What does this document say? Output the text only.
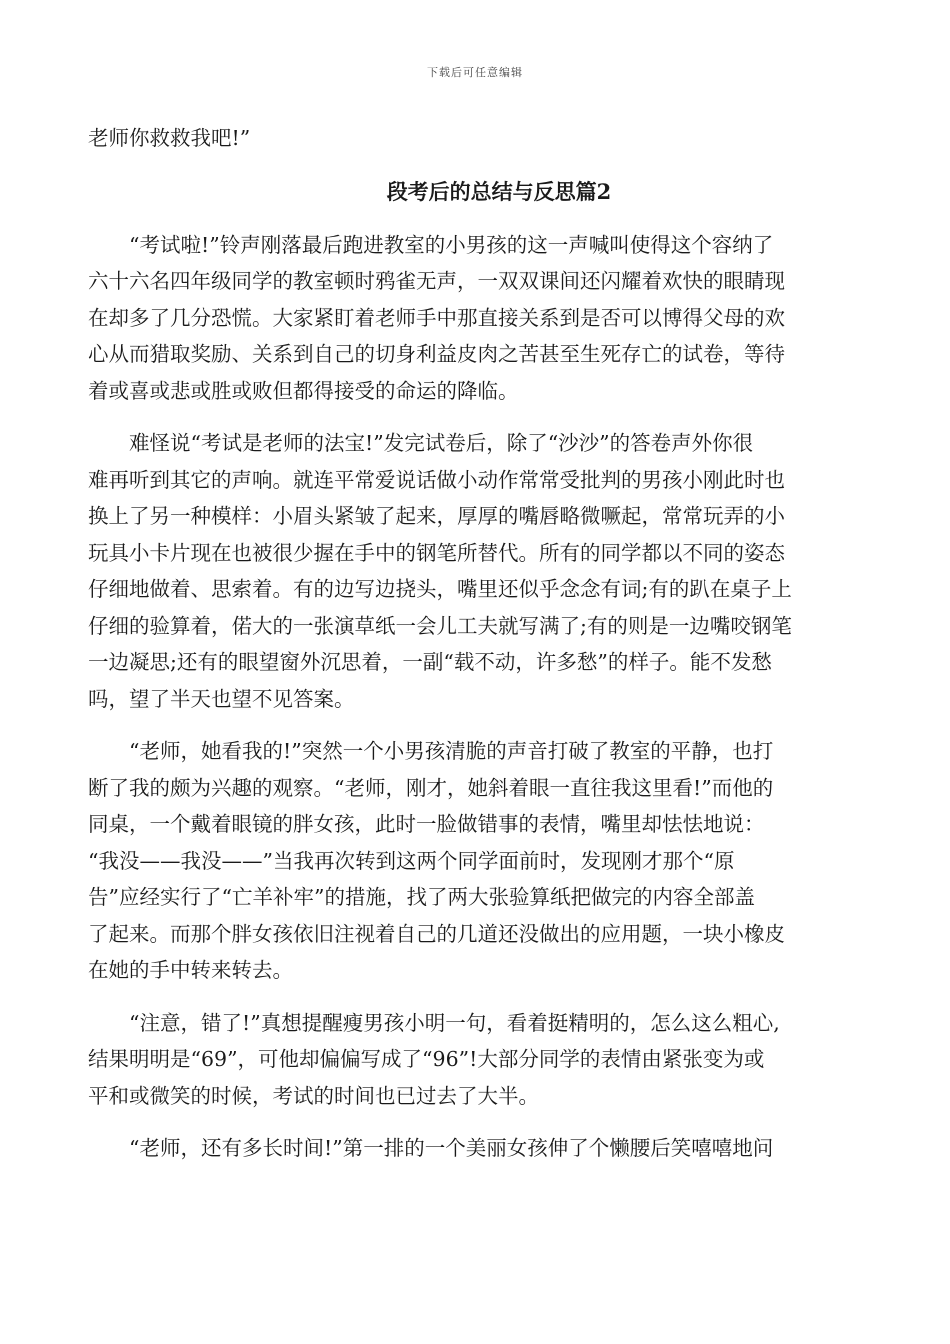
下载后可任意编辑
老师你救救我吧!”
段考后的总结与反思篇2
“考试啦!”铃声刚落最后跑进教室的小男孩的这一声喊叫使得这个容纳了
六十六名四年级同学的教室顿时鸦雀无声，一双双课间还闪耀着欢快的眼睛现
在却多了几分恐慌。大家紧盯着老师手中那直接关系到是否可以博得父母的欢
心从而猎取奖励、关系到自己的切身利益皮肉之苦甚至生死存亡的试卷，等待
着或喜或悲或胜或败但都得接受的命运的降临。
难怪说“考试是老师的法宝!”发完试卷后，除了“沙沙”的答卷声外你很
难再听到其它的声响。就连平常爱说话做小动作常常受批判的男孩小刚此时也
换上了另一种模样：小眉头紧皱了起来，厚厚的嘴唇略微噘起，常常玩弄的小
玩具小卡片现在也被很少握在手中的钢笔所替代。所有的同学都以不同的姿态
仔细地做着、思索着。有的边写边挠头，嘴里还似乎念念有词;有的趴在桌子上
仔细的验算着，偌大的一张演草纸一会儿工夫就写满了;有的则是一边嘴咬钢笔
一边凝思;还有的眼望窗外沉思着，一副“载不动，许多愁”的样子。能不发愁
吗，望了半天也望不见答案。
“老师，她看我的!”突然一个小男孩清脆的声音打破了教室的平静，也打
断了我的颇为兴趣的观察。“老师，刚才，她斜着眼一直往我这里看!”而他的
同桌，一个戴着眼镜的胖女孩，此时一脸做错事的表情，嘴里却怯怯地说：
“我没——我没——”当我再次转到这两个同学面前时，发现刚才那个“原
告”应经实行了“亡羊补牢”的措施，找了两大张验算纸把做完的内容全部盖
了起来。而那个胖女孩依旧注视着自己的几道还没做出的应用题，一块小橡皮
在她的手中转来转去。
“注意，错了!”真想提醒瘦男孩小明一句，看着挺精明的，怎么这么粗心,
结果明明是“69”，可他却偏偏写成了“96”!大部分同学的表情由紧张变为或
平和或微笑的时候，考试的时间也已过去了大半。
“老师，还有多长时间!”第一排的一个美丽女孩伸了个懒腰后笑嘻嘻地问
